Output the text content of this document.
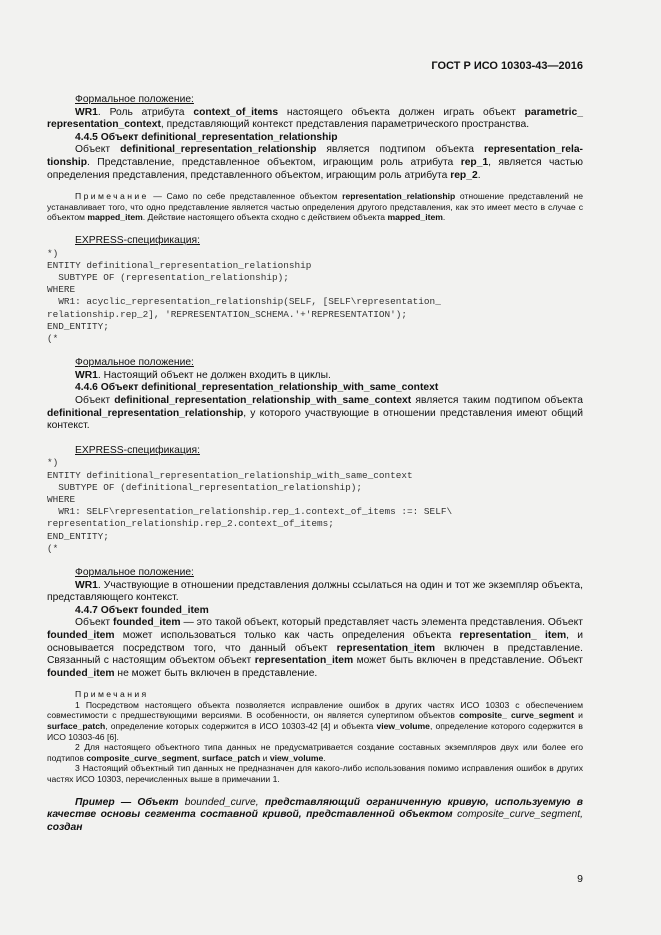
ГОСТ Р ИСО 10303-43—2016
Формальное положение:
WR1. Роль атрибута context_of_items настоящего объекта должен играть объект parametric_ representation_context, представляющий контекст представления параметрического пространства.
4.4.5 Объект definitional_representation_relationship
Объект definitional_representation_relationship является подтипом объекта representation_relationship. Представление, представленное объектом, играющим роль атрибута rep_1, является частью определения представления, представленного объектом, играющим роль атрибута rep_2.
Примечание — Само по себе представленное объектом representation_relationship отношение представлений не устанавливает того, что одно представление является частью определения другого представления, как это имеет место в случае с объектом mapped_item. Действие настоящего объекта сходно с действием объекта mapped_item.
EXPRESS-спецификация:
*)
ENTITY definitional_representation_relationship
SUBTYPE OF (representation_relationship);
WHERE
WR1: acyclic_representation_relationship(SELF, [SELF\representation_
relationship.rep_2], 'REPRESENTATION_SCHEMA.'+'REPRESENTATION');
END_ENTITY;
(*
Формальное положение:
WR1. Настоящий объект не должен входить в циклы.
4.4.6 Объект definitional_representation_relationship_with_same_context
Объект definitional_representation_relationship_with_same_context является таким подтипом объекта definitional_representation_relationship, у которого участвующие в отношении представления имеют общий контекст.
EXPRESS-спецификация:
*)
ENTITY definitional_representation_relationship_with_same_context
SUBTYPE OF (definitional_representation_relationship);
WHERE
WR1: SELF\representation_relationship.rep_1.context_of_items :=: SELF\
representation_relationship.rep_2.context_of_items;
END_ENTITY;
(*
Формальное положение:
WR1. Участвующие в отношении представления должны ссылаться на один и тот же экземпляр объекта, представляющего контекст.
4.4.7 Объект founded_item
Объект founded_item — это такой объект, который представляет часть элемента представления. Объект founded_item может использоваться только как часть определения объекта representation_ item, и основывается посредством того, что данный объект representation_item включен в представление. Связанный с настоящим объектом объект representation_item может быть включен в представление. Объект founded_item не может быть включен в представление.
Примечания
1 Посредством настоящего объекта позволяется исправление ошибок в других частях ИСО 10303 с обеспечением совместимости с предшествующими версиями. В особенности, он является супертипом объектов composite_ curve_segment и surface_patch, определение которых содержится в ИСО 10303-42 [4] и объекта view_volume, определение которого содержится в ИСО 10303-46 [6].
2 Для настоящего объектного типа данных не предусматривается создание составных экземпляров двух или более его подтипов composite_curve_segment, surface_patch и view_volume.
3 Настоящий объектный тип данных не предназначен для какого-либо использования помимо исправления ошибок в других частях ИСО 10303, перечисленных выше в примечании 1.
Пример — Объект bounded_curve, представляющий ограниченную кривую, используемую в качестве основы сегмента составной кривой, представленной объектом composite_curve_segment, создан
9
